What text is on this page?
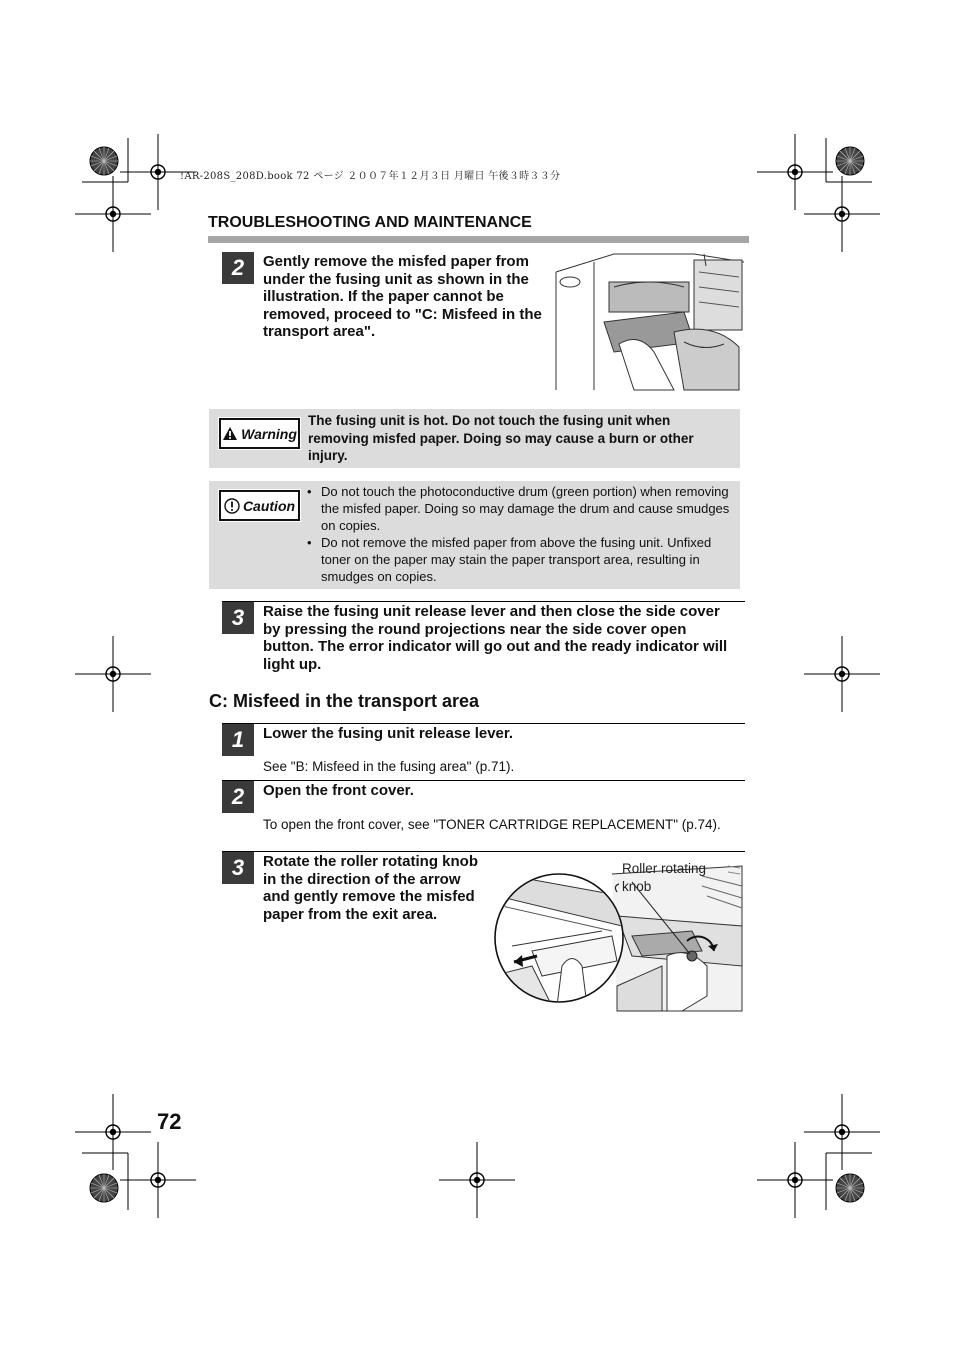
!AR-208S_208D.book 72 ページ ２００７年１２月３日 月曜日 午後３時３３分
TROUBLESHOOTING AND MAINTENANCE
2	Gently remove the misfed paper from under the fusing unit as shown in the illustration. If the paper cannot be removed, proceed to "C: Misfeed in the transport area".
Warning
The fusing unit is hot. Do not touch the fusing unit when removing misfed paper. Doing so may cause a burn or other injury.
Caution
• Do not touch the photoconductive drum (green portion) when removing the misfed paper. Doing so may damage the drum and cause smudges on copies.
• Do not remove the misfed paper from above the fusing unit. Unfixed toner on the paper may stain the paper transport area, resulting in smudges on copies.
3	Raise the fusing unit release lever and then close the side cover by pressing the round projections near the side cover open button. The error indicator will go out and the ready indicator will light up.
C: Misfeed in the transport area
1	Lower the fusing unit release lever.
See "B: Misfeed in the fusing area" (p.71).
2	Open the front cover.
To open the front cover, see "TONER CARTRIDGE REPLACEMENT" (p.74).
3	Rotate the roller rotating knob in the direction of the arrow and gently remove the misfed paper from the exit area.
Roller rotating
knob
72
